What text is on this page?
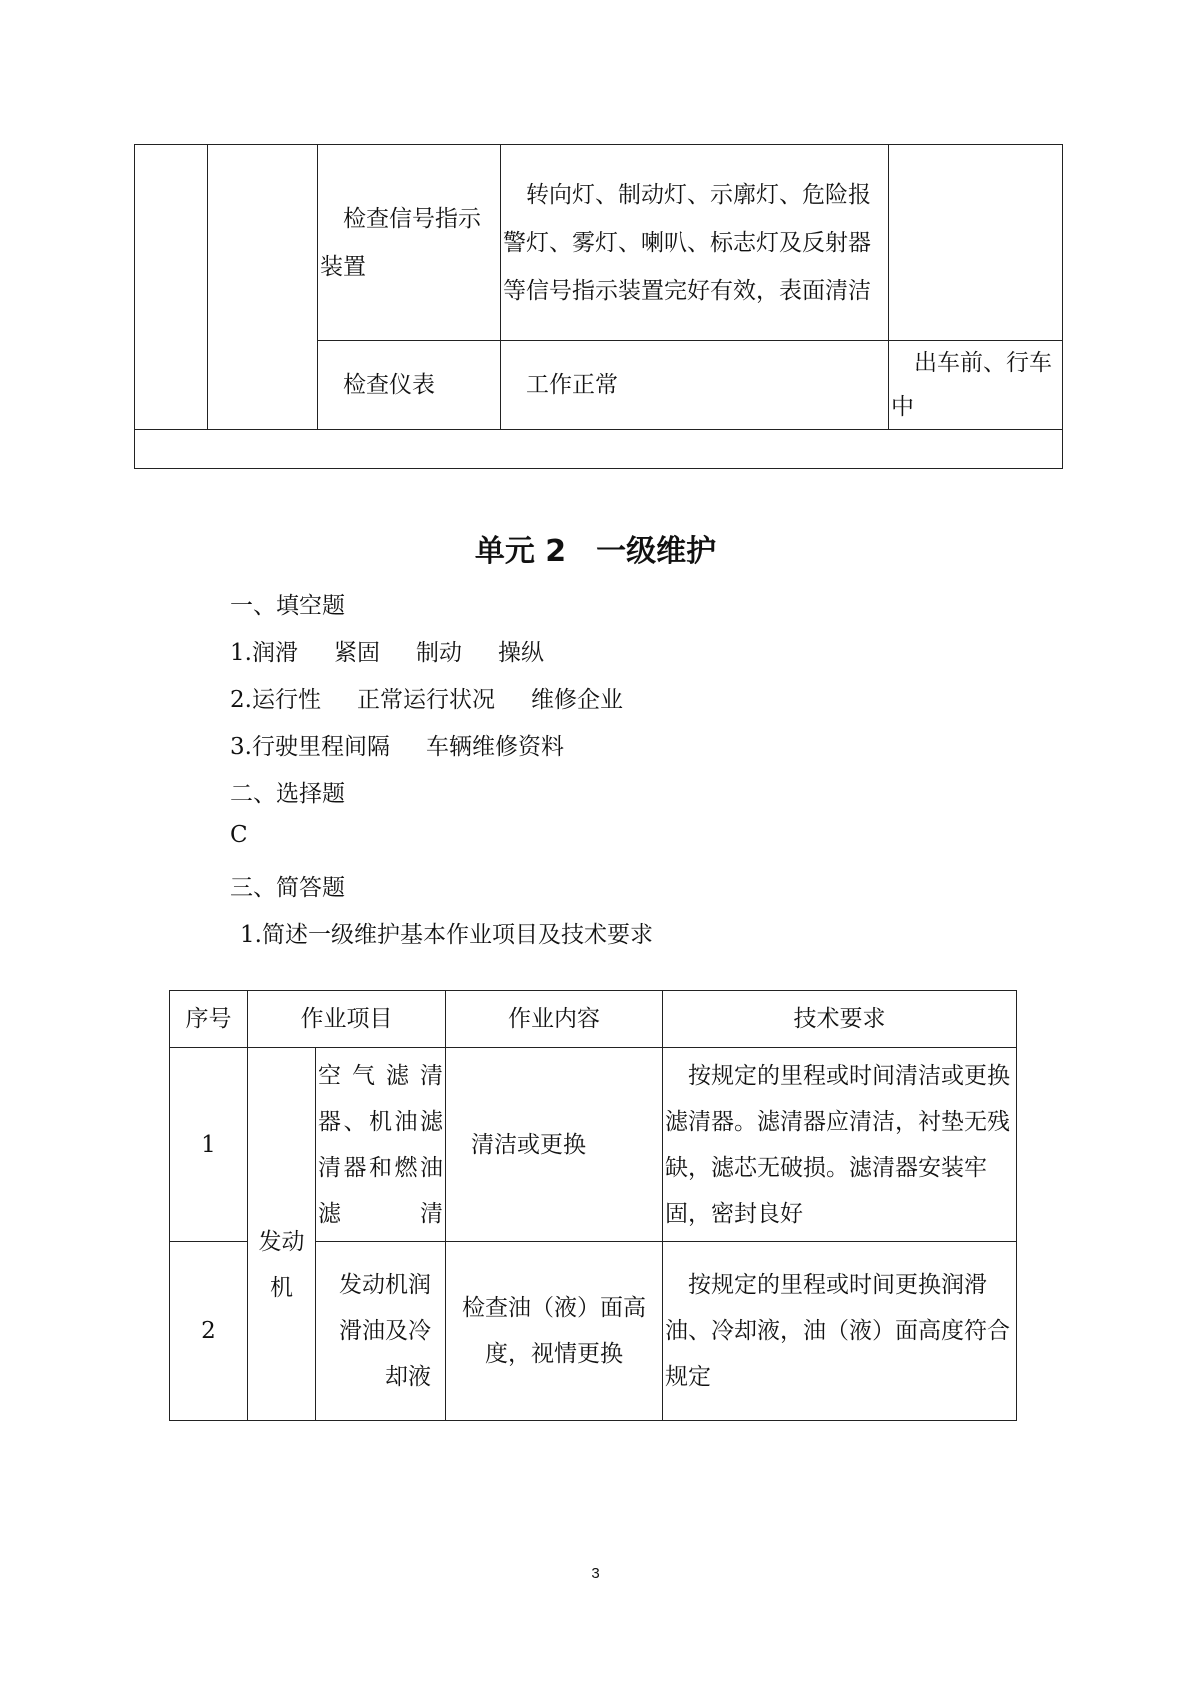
		检查信号指示装置	转向灯、制动灯、示廓灯、危险报警灯、雾灯、喇叭、标志灯及反射器等信号指示装置完好有效，表面清洁	
		检查仪表	工作正常	出车前、行车中

单元 2　一级维护
一、填空题
1.润滑 紧固 制动 操纵
2.运行性 正常运行状况 维修企业
3.行驶里程间隔 车辆维修资料
二、选择题
C
三、简答题
1.简述一级维护基本作业项目及技术要求
序号	作业项目		作业内容	技术要求
1	发动机	空气滤清器、机油滤清器和燃油滤清	清洁或更换	按规定的里程或时间清洁或更换滤清器。滤清器应清洁，衬垫无残缺，滤芯无破损。滤清器安装牢固，密封良好
2		发动机润滑油及冷却液	检查油（液）面高度，视情更换	按规定的里程或时间更换润滑油、冷却液，油（液）面高度符合规定
3
